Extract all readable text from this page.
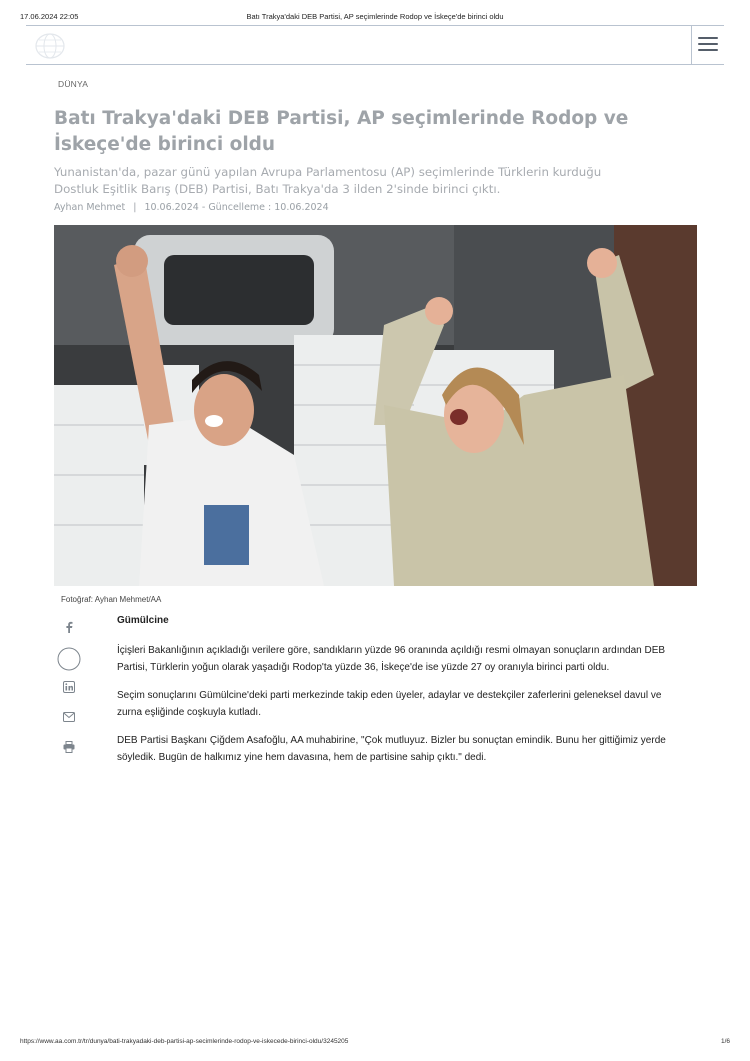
17.06.2024 22:05	Batı Trakya'daki DEB Partisi, AP seçimlerinde Rodop ve İskeçe'de birinci oldu
DÜNYA
Batı Trakya'daki DEB Partisi, AP seçimlerinde Rodop ve İskeçe'de birinci oldu

Yunanistan'da, pazar günü yapılan Avrupa Parlamentosu (AP) seçimlerinde Türklerin kurduğu Dostluk Eşitlik Barış (DEB) Partisi, Batı Trakya'da 3 ilden 2'sinde birinci çıktı.

Ayhan Mehmet | 10.06.2024 - Güncelleme : 10.06.2024
Fotoğraf: Ayhan Mehmet/AA

Gümülcine

İçişleri Bakanlığının açıkladığı verilere göre, sandıkların yüzde 96 oranında açıldığı resmi olmayan sonuçların ardından DEB Partisi, Türklerin yoğun olarak yaşadığı Rodop'ta yüzde 36, İskeçe'de ise yüzde 27 oy oranıyla birinci parti oldu.

Seçim sonuçlarını Gümülcine'deki parti merkezinde takip eden üyeler, adaylar ve destekçiler zaferlerini geleneksel davul ve zurna eşliğinde coşkuyla kutladı.

DEB Partisi Başkanı Çiğdem Asafoğlu, AA muhabirine, "Çok mutluyuz. Bizler bu sonuçtan emindik. Bunu her gittiğimiz yerde söyledik. Bugün de halkımız yine hem davasına, hem de partisine sahip çıktı." dedi.

https://www.aa.com.tr/tr/dunya/bati-trakyadaki-deb-partisi-ap-secimlerinde-rodop-ve-iskecede-birinci-oldu/3245205	1/6
